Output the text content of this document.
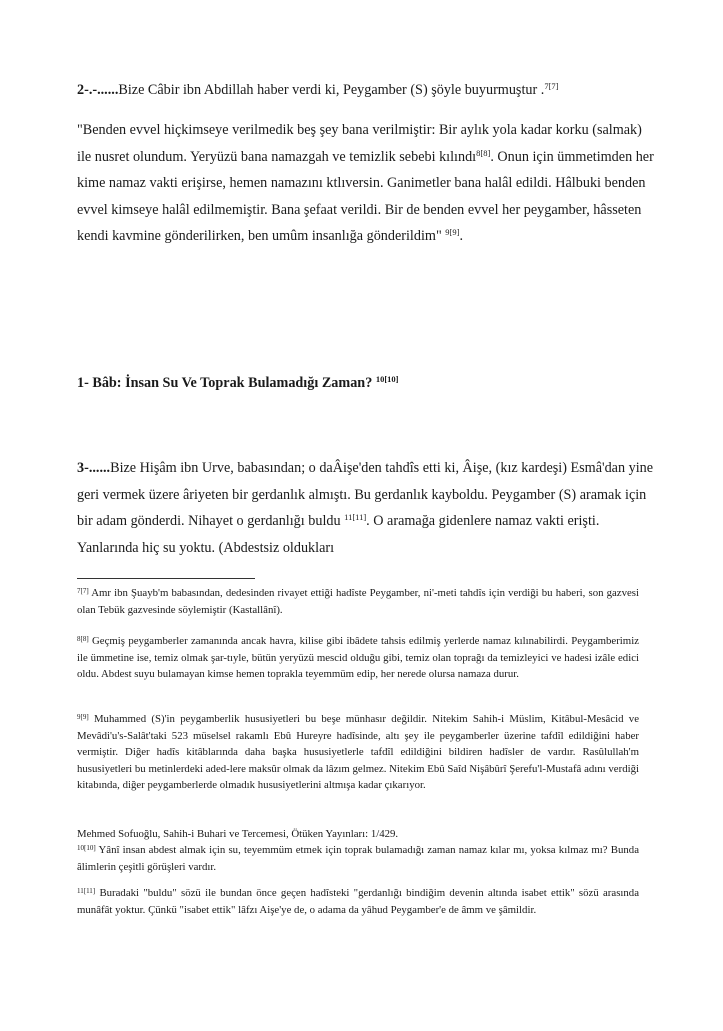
2-.-......Bize Câbir ibn Abdillah haber verdi ki, Peygamber (S) şöyle buyurmuştur .$^{7[7]}$

"Benden evvel hiçkimseye verilmedik beş şey bana verilmiştir: Bir aylık yola kadar korku (salmak) ile nusret olundum. Yeryüzü bana namazgah ve temizlik sebebi kılındı$^{8[8]}$. Onun için ümmetimden her kime namaz vakti erişirse, hemen namazını ktlıversin. Ganimetler bana halâl edildi. Hâlbuki benden evvel kimseye halâl edilmemiştir. Bana şefaat verildi. Bir de benden evvel her peygamber, hâsseten kendi kavmine gönderilirken, ben umûm insanlığa gönderildim" $^{9[9]}$.

1- Bâb: İnsan Su Ve Toprak Bulamadığı Zaman? $^{10[10]}$

3-......Bize Hişâm ibn Urve, babasından; o daÂişe'den tahdîs etti ki, Âişe, (kız kardeşi) Esmâ'dan yine geri vermek üzere âriyeten bir gerdanlık almıştı. Bu gerdanlık kayboldu. Peygamber (S) aramak için bir adam gönderdi. Nihayet o gerdanlığı buldu $^{11[11]}$. O aramağa gidenlere namaz vakti erişti. Yanlarında hiç su yoktu. (Abdestsiz oldukları

$^{7[7]}$ Amr ibn Şuayb'm babasından, dedesinden rivayet ettiği hadîste Peygamber, ni'-meti tahdîs için verdiği bu haberi, son gazvesi olan Tebük gazvesinde söylemiştir (Kastallânî).

$^{8[8]}$ Geçmiş peygamberler zamanında ancak havra, kilise gibi ibâdete tahsis edilmiş yerlerde namaz kılınabilirdi. Peygamberimiz ile ümmetine ise, temiz olmak şar-tıyle, bütün yeryüzü mescid olduğu gibi, temiz olan toprağı da temizleyici ve hadesi izâle edici oldu. Abdest suyu bulamayan kimse hemen toprakla teyemmüm edip, her nerede olursa namaza durur.

$^{9[9]}$ Muhammed (S)'in peygamberlik hususiyetleri bu beşe münhasır değildir. Nitekim Sahih-i Müslim, Kitâbul-Mesâcid ve Mevâdi'u's-Salât'taki 523 müselsel rakamlı Ebû Hureyre hadîsinde, altı şey ile peygamberler üzerine tafdîl edildiğini haber vermiştir. Diğer hadîs kitâblarında daha başka hususiyetlerle tafdîl edildiğini bildiren hadîsler de vardır. Rasûlullah'm hususiyetleri bu metinlerdeki aded-lere maksûr olmak da lâzım gelmez. Nitekim Ebû Saîd Nişâbûrî Şerefu'l-Mustafâ adını verdiği kitabında, diğer peygamberlerde olmadık hususiyetlerini altmışa kadar çıkarıyor.

Mehmed Sofuoğlu, Sahih-i Buhari ve Tercemesi, Ötüken Yayınları: 1/429.

$^{10[10]}$ Yânî insan abdest almak için su, teyemmüm etmek için toprak bulamadığı zaman namaz kılar mı, yoksa kılmaz mı? Bunda âlimlerin çeşitli görüşleri vardır.

$^{11[11]}$ Buradaki "buldu" sözü ile bundan önce geçen hadîsteki "gerdanlığı bindiğim devenin altında isabet ettik" sözü arasında munâfât yoktur. Çünkü "isabet ettik" lâfzı Aişe'ye de, o adama da yâhud Peygamber'e de âmm ve şâmildir.
